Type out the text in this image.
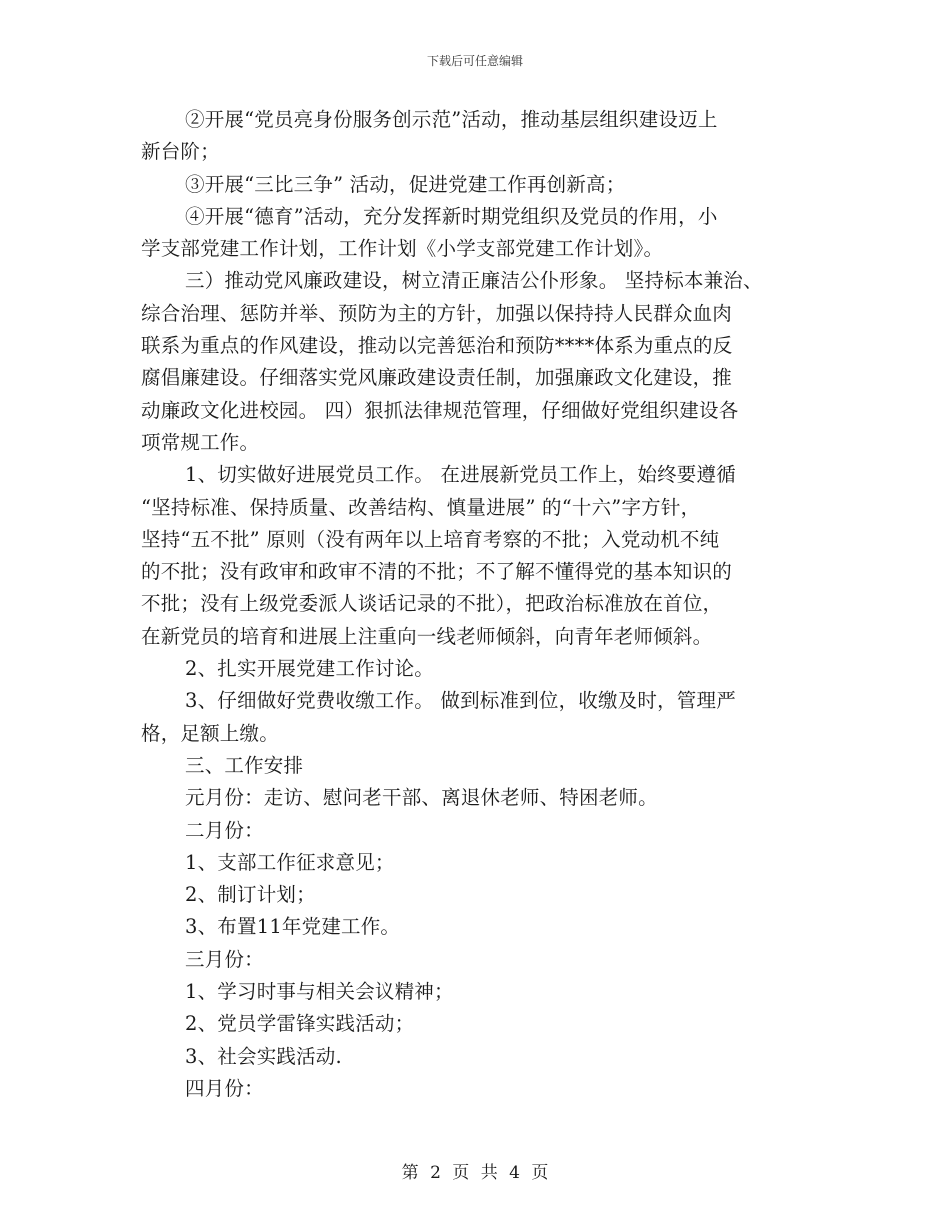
下载后可任意编辑
②开展“党员亮身份服务创示范”活动，推动基层组织建设迈上
新台阶；
③开展“三比三争” 活动，促进党建工作再创新高；
④开展“德育”活动，充分发挥新时期党组织及党员的作用，小
学支部党建工作计划，工作计划《小学支部党建工作计划》。
三）推动党风廉政建设，树立清正廉洁公仆形象。 坚持标本兼治、
综合治理、惩防并举、预防为主的方针，加强以保持持人民群众血肉
联系为重点的作风建设，推动以完善惩治和预防****体系为重点的反
腐倡廉建设。仔细落实党风廉政建设责任制，加强廉政文化建设，推
动廉政文化进校园。 四）狠抓法律规范管理，仔细做好党组织建设各
项常规工作。
1、切实做好进展党员工作。 在进展新党员工作上，始终要遵循
“坚持标准、保持质量、改善结构、慎量进展” 的“十六”字方针，
坚持“五不批” 原则（没有两年以上培育考察的不批；入党动机不纯
的不批；没有政审和政审不清的不批；不了解不懂得党的基本知识的
不批；没有上级党委派人谈话记录的不批），把政治标准放在首位，
在新党员的培育和进展上注重向一线老师倾斜，向青年老师倾斜。
2、扎实开展党建工作讨论。
3、仔细做好党费收缴工作。 做到标准到位，收缴及时，管理严
格，足额上缴。
三、工作安排
元月份：走访、慰问老干部、离退休老师、特困老师。
二月份：
1、支部工作征求意见；
2、制订计划；
3、布置11年党建工作。
三月份：
1、学习时事与相关会议精神；
2、党员学雷锋实践活动；
3、社会实践活动.
四月份：
第 2 页 共 4 页
